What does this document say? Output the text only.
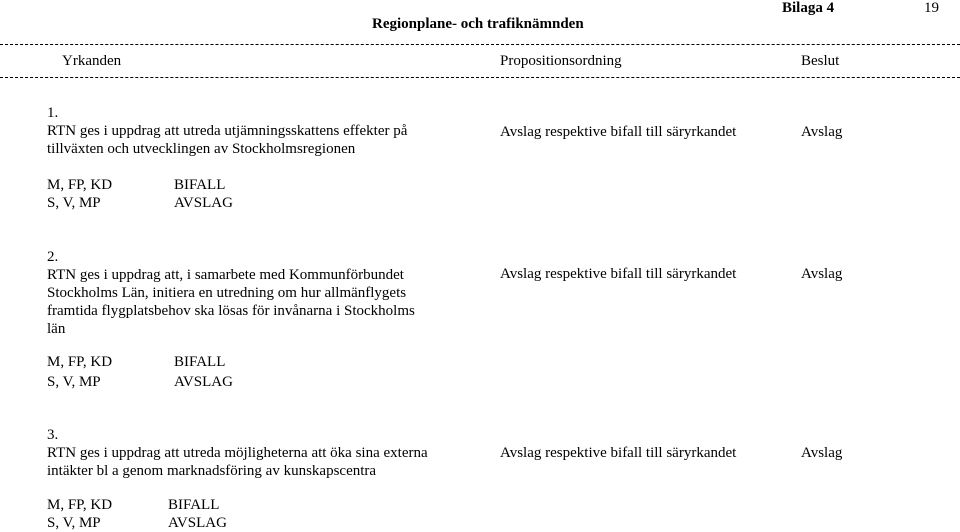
Regionplane- och trafiknämnden
Bilaga 4	19
Yrkanden	Propositionsordning	Beslut
1.
RTN ges i uppdrag att utreda utjämningsskattens effekter på
tillväxten och utvecklingen av Stockholmsregionen
Avslag respektive bifall till säryrkandet	Avslag
M, FP, KD	BIFALL
S, V, MP	AVSLAG
2.
RTN ges i uppdrag att, i samarbete med Kommunförbundet
Stockholms Län, initiera en utredning om hur allmänflygets
framtida flygplatsbehov ska lösas för invånarna i Stockholms
län
Avslag respektive bifall till säryrkandet	Avslag
M, FP, KD	BIFALL
S, V, MP	AVSLAG
3.
RTN ges i uppdrag att utreda möjligheterna att öka sina externa
intäkter bl a genom marknadsföring av kunskapscentra
Avslag respektive bifall till säryrkandet	Avslag
M, FP, KD	BIFALL
S, V, MP	AVSLAG
